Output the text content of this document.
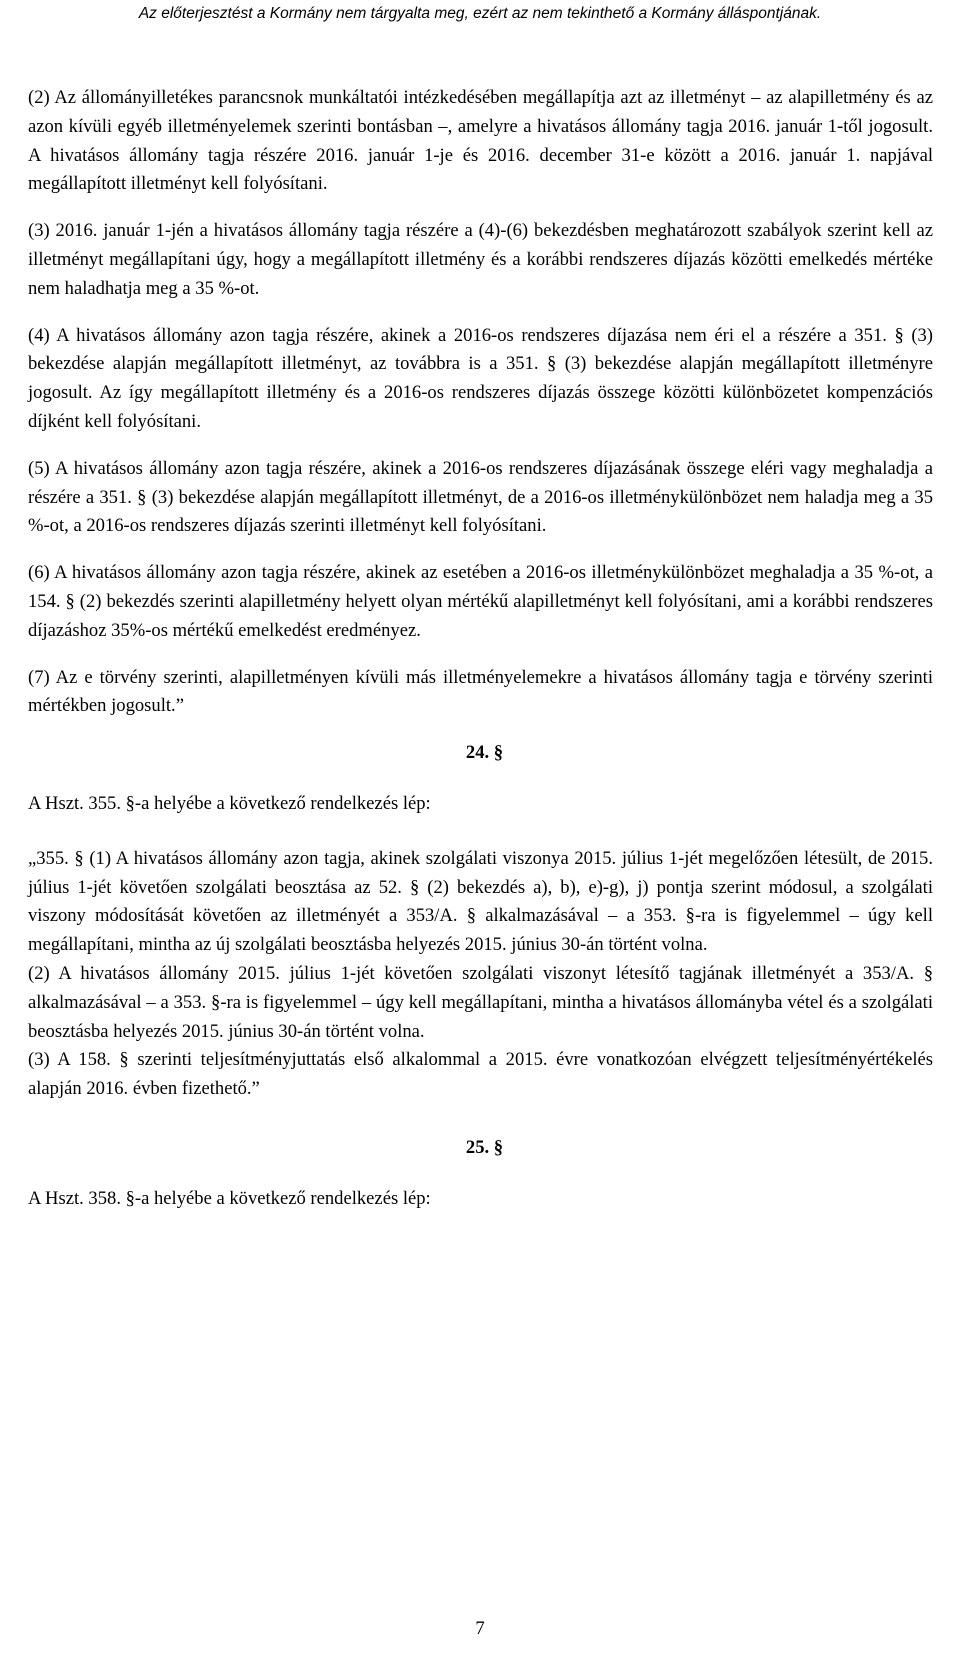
Az előterjesztést a Kormány nem tárgyalta meg, ezért az nem tekinthető a Kormány álláspontjának.

(2) Az állományilletékes parancsnok munkáltatói intézkedésében megállapítja azt az illetményt – az alapilletmény és az azon kívüli egyéb illetményelemek szerinti bontásban –, amelyre a hivatásos állomány tagja 2016. január 1-től jogosult. A hivatásos állomány tagja részére 2016. január 1-je és 2016. december 31-e között a 2016. január 1. napjával megállapított illetményt kell folyósítani.

(3) 2016. január 1-jén a hivatásos állomány tagja részére a (4)-(6) bekezdésben meghatározott szabályok szerint kell az illetményt megállapítani úgy, hogy a megállapított illetmény és a korábbi rendszeres díjazás közötti emelkedés mértéke nem haladhatja meg a 35 %-ot.

(4) A hivatásos állomány azon tagja részére, akinek a 2016-os rendszeres díjazása nem éri el a részére a 351. § (3) bekezdése alapján megállapított illetményt, az továbbra is a 351. § (3) bekezdése alapján megállapított illetményre jogosult. Az így megállapított illetmény és a 2016-os rendszeres díjazás összege közötti különbözetet kompenzációs díjként kell folyósítani.

(5) A hivatásos állomány azon tagja részére, akinek a 2016-os rendszeres díjazásának összege eléri vagy meghaladja a részére a 351. § (3) bekezdése alapján megállapított illetményt, de a 2016-os illetménykülönbözet nem haladja meg a 35 %-ot, a 2016-os rendszeres díjazás szerinti illetményt kell folyósítani.

(6) A hivatásos állomány azon tagja részére, akinek az esetében a 2016-os illetménykülönbözet meghaladja a 35 %-ot, a 154. § (2) bekezdés szerinti alapilletmény helyett olyan mértékű alapilletményt kell folyósítani, ami a korábbi rendszeres díjazáshoz 35%-os mértékű emelkedést eredményez.

(7) Az e törvény szerinti, alapilletményen kívüli más illetményelemekre a hivatásos állomány tagja e törvény szerinti mértékben jogosult.”

24. §

A Hszt. 355. §-a helyébe a következő rendelkezés lép:

„355. § (1) A hivatásos állomány azon tagja, akinek szolgálati viszonya 2015. július 1-jét megelőzően létesült, de 2015. július 1-jét követően szolgálati beosztása az 52. § (2) bekezdés a), b), e)-g), j) pontja szerint módosul, a szolgálati viszony módosítását követően az illetményét a 353/A. § alkalmazásával – a 353. §-ra is figyelemmel – úgy kell megállapítani, mintha az új szolgálati beosztásba helyezés 2015. június 30-án történt volna.

(2) A hivatásos állomány 2015. július 1-jét követően szolgálati viszonyt létesítő tagjának illetményét a 353/A. § alkalmazásával – a 353. §-ra is figyelemmel – úgy kell megállapítani, mintha a hivatásos állományba vétel és a szolgálati beosztásba helyezés 2015. június 30-án történt volna.

(3) A 158. § szerinti teljesítményjuttatás első alkalommal a 2015. évre vonatkozóan elvégzett teljesítményértékelés alapján 2016. évben fizethető.”

25. §

A Hszt. 358. §-a helyébe a következő rendelkezés lép:

7
